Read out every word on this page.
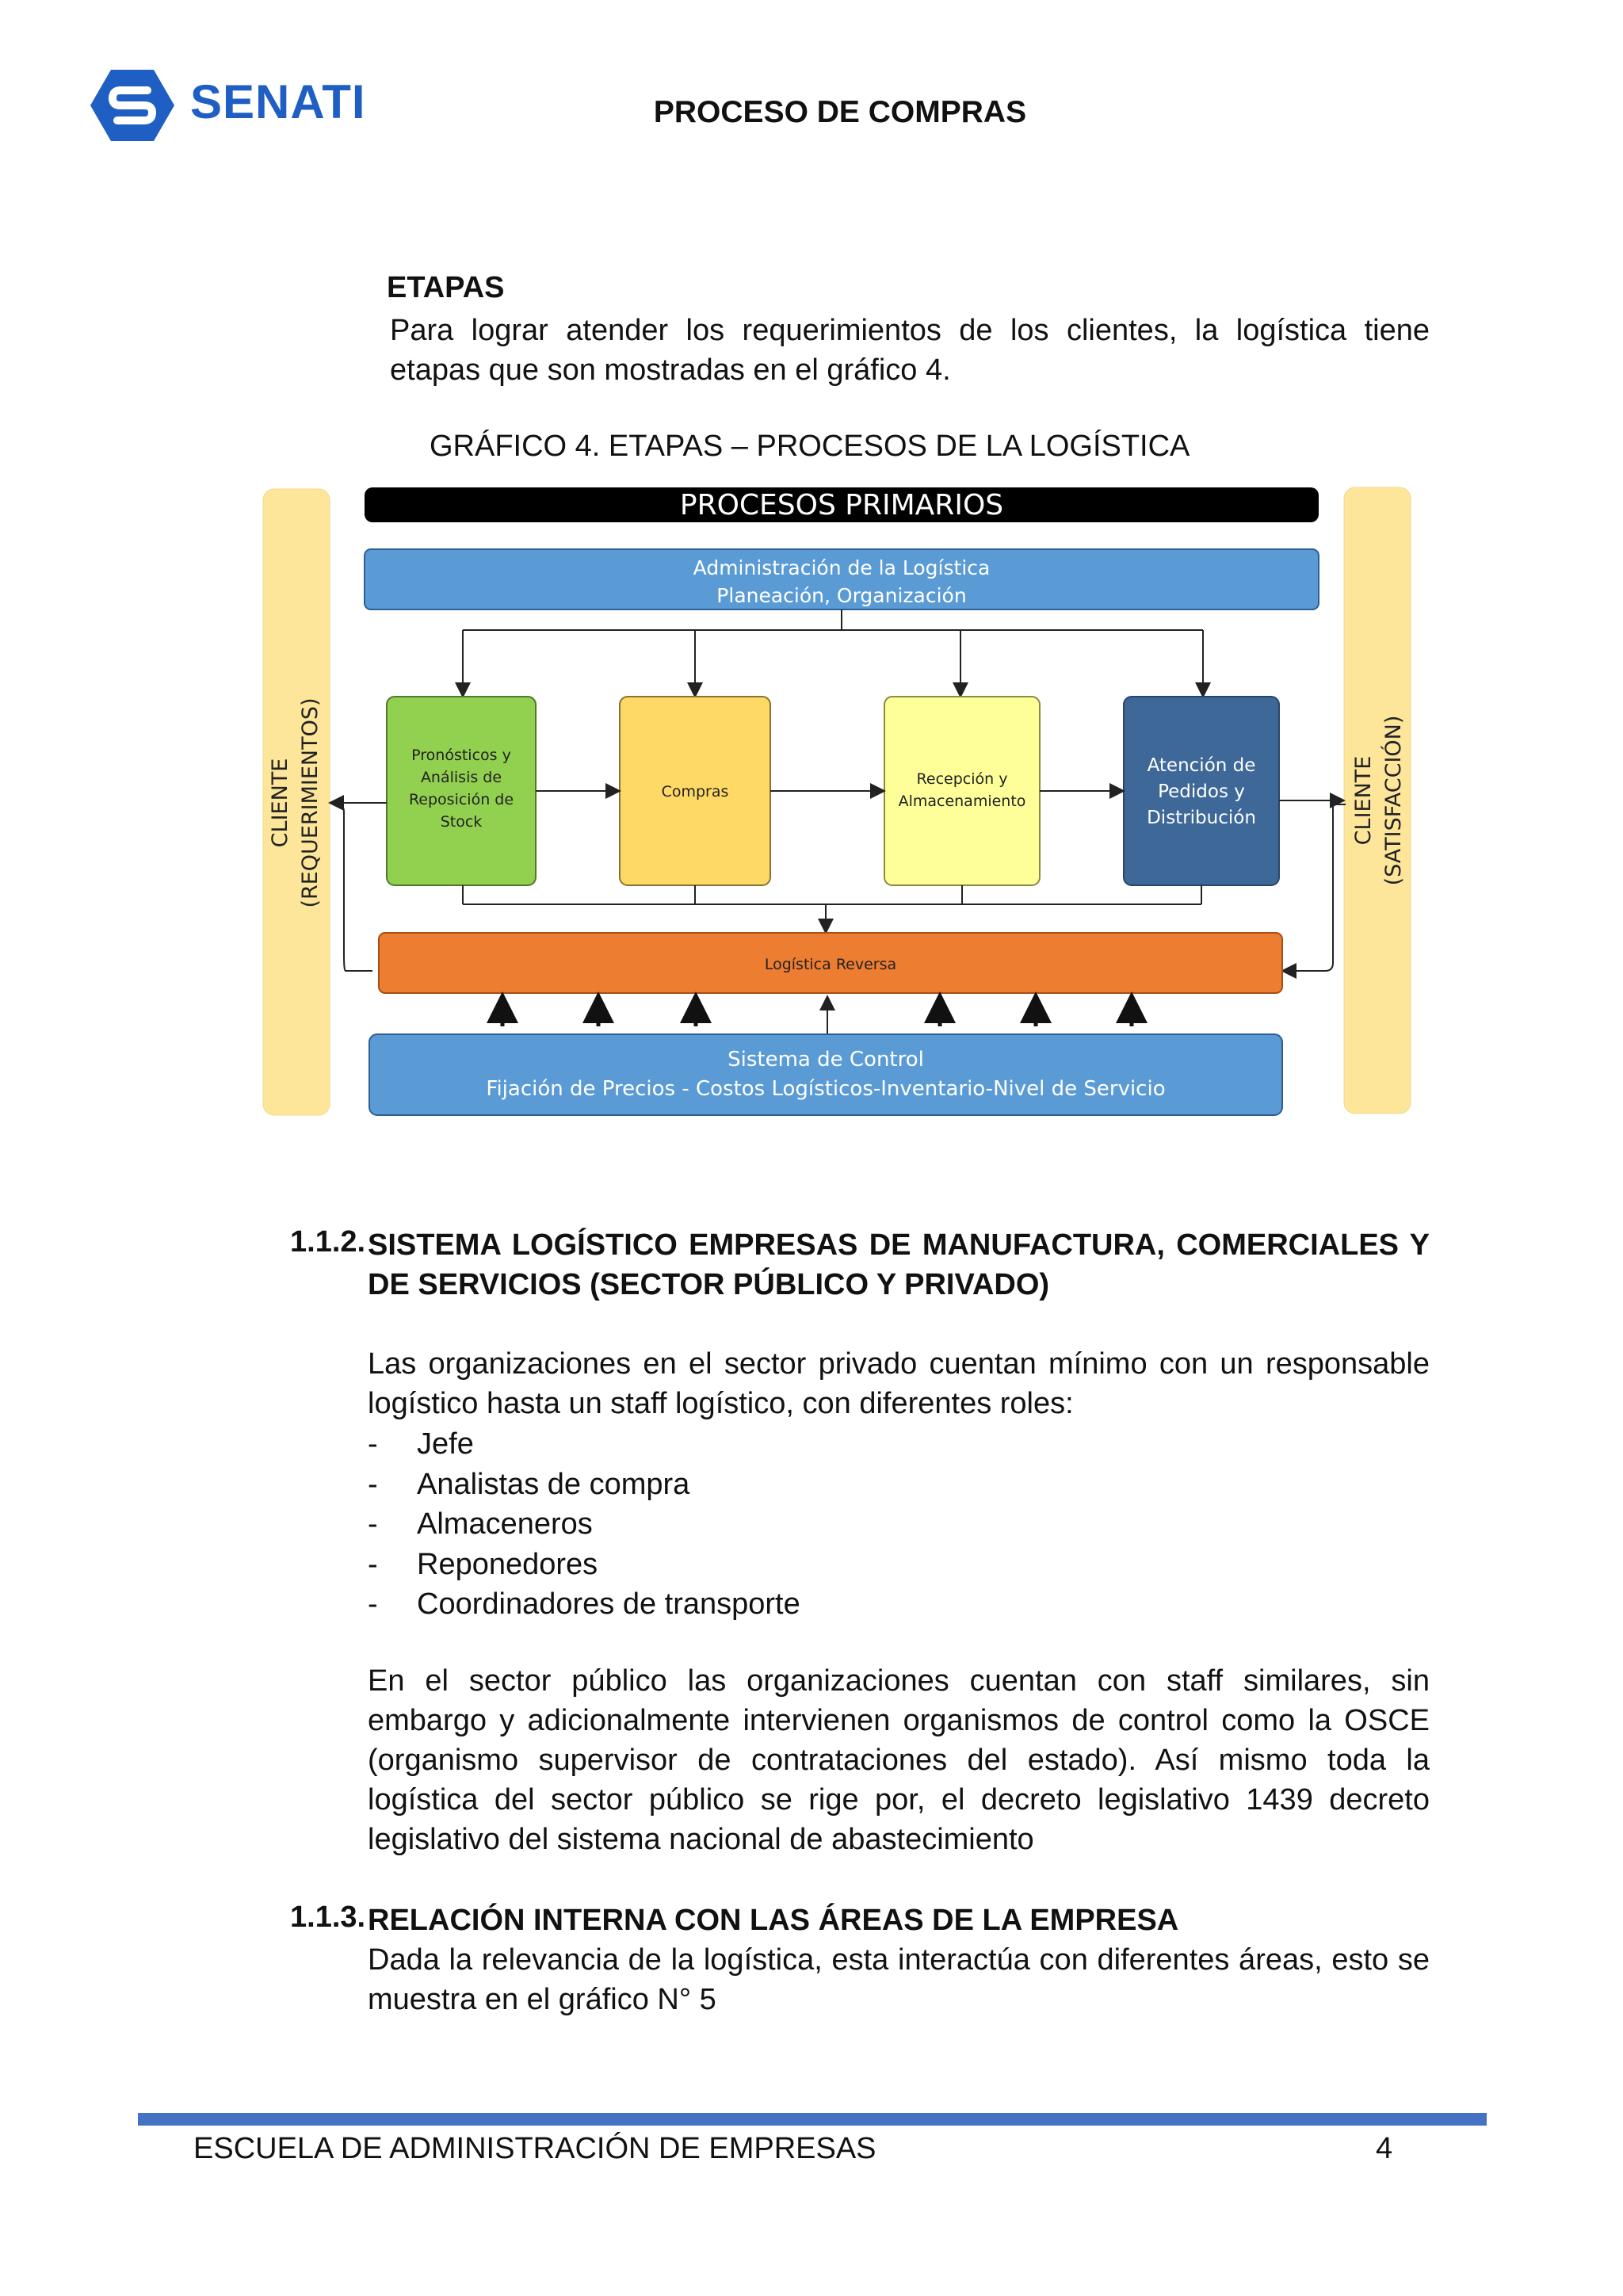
SENATI	PROCESO DE COMPRAS
ETAPAS
Para lograr atender los requerimientos de los clientes, la logística tiene etapas que son mostradas en el gráfico 4.
GRÁFICO 4. ETAPAS – PROCESOS DE LA LOGÍSTICA
CLIENTE (REQUERIMIENTOS)	CLIENTE (SATISFACCIÓN)
PROCESOS PRIMARIOS
Administración de la Logística
Planeación, Organización
Pronósticos y
Análisis de
Reposición de
Stock
Compras
Recepción y
Almacenamiento
Atención de
Pedidos y
Distribución
Logística Reversa
Sistema de Control
Fijación de Precios - Costos Logísticos-Inventario-Nivel de Servicio
1.1.2. SISTEMA LOGÍSTICO EMPRESAS DE MANUFACTURA, COMERCIALES Y DE SERVICIOS (SECTOR PÚBLICO Y PRIVADO)
Las organizaciones en el sector privado cuentan mínimo con un responsable logístico hasta un staff logístico, con diferentes roles:
-	Jefe
-	Analistas de compra
-	Almaceneros
-	Reponedores
-	Coordinadores de transporte
En el sector público las organizaciones cuentan con staff similares, sin embargo y adicionalmente intervienen organismos de control como la OSCE (organismo supervisor de contrataciones del estado). Así mismo toda la logística del sector público se rige por, el decreto legislativo 1439 decreto legislativo del sistema nacional de abastecimiento
1.1.3. RELACIÓN INTERNA CON LAS ÁREAS DE LA EMPRESA
Dada la relevancia de la logística, esta interactúa con diferentes áreas, esto se muestra en el gráfico N° 5
ESCUELA DE ADMINISTRACIÓN DE EMPRESAS	4
